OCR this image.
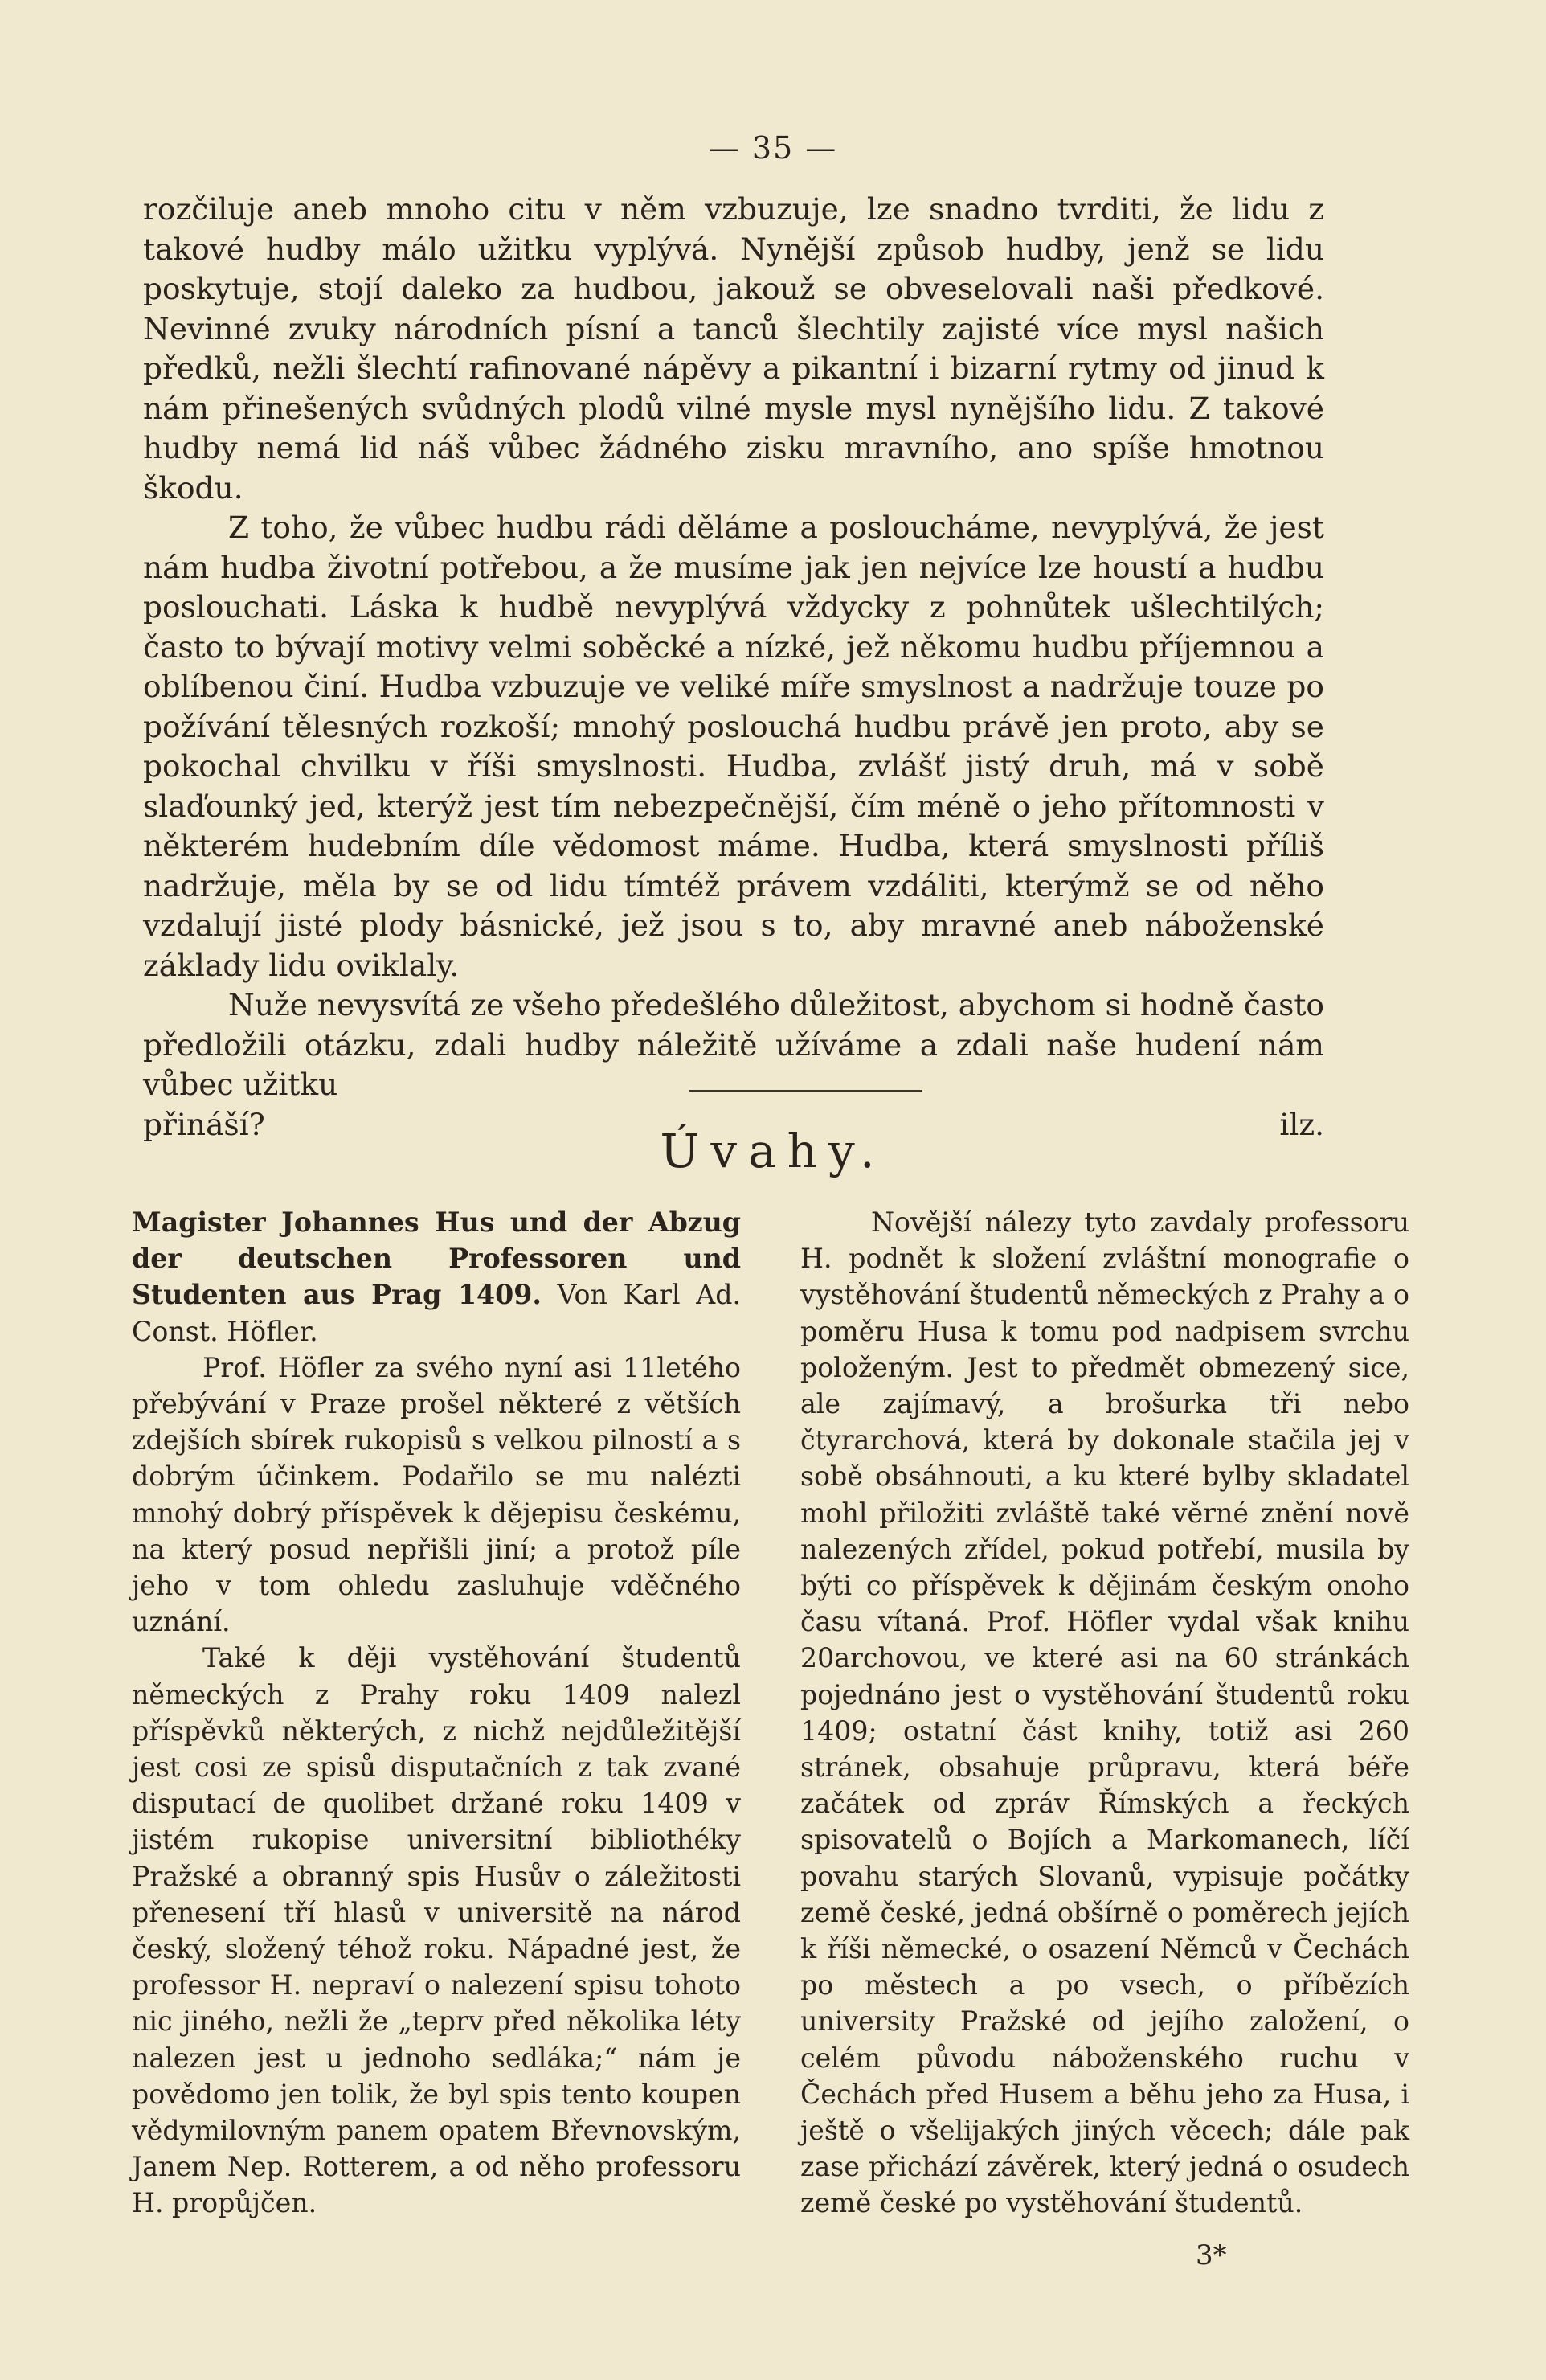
— 35 —

rozčiluje aneb mnoho citu v něm vzbuzuje, lze snadno tvrditi, že lidu z takové hudby málo užitku vyplývá. Nynější způsob hudby, jenž se lidu poskytuje, stojí daleko za hudbou, jakouž se obveselovali naši předkové. Nevinné zvuky národních písní a tanců šlechtily zajisté více mysl našich předků, nežli šlechtí rafinované nápěvy a pikantní i bizarní rytmy od jinud k nám přinešených svůdných plodů vilné mysle mysl nynějšího lidu. Z takové hudby nemá lid náš vůbec žádného zisku mravního, ano spíše hmotnou škodu.

Z toho, že vůbec hudbu rádi děláme a posloucháme, nevyplývá, že jest nám hudba životní potřebou, a že musíme jak jen nejvíce lze houstí a hudbu poslouchati. Láska k hudbě nevyplývá vždycky z pohnůtek ušlechtilých; často to bývají motivy velmi soběcké a nízké, jež někomu hudbu příjemnou a oblíbenou činí. Hudba vzbuzuje ve veliké míře smyslnost a nadržuje touze po požívání tělesných rozkoší; mnohý poslouchá hudbu právě jen proto, aby se pokochal chvilku v říši smyslnosti. Hudba, zvlášť jistý druh, má v sobě slaďounký jed, kterýž jest tím nebezpečnější, čím méně o jeho přítomnosti v některém hudebním díle vědomost máme. Hudba, která smyslnosti příliš nadržuje, měla by se od lidu tímtéž právem vzdáliti, kterýmž se od něho vzdalují jisté plody básnické, jež jsou s to, aby mravné aneb náboženské základy lidu oviklaly.

Nuže nevysvítá ze všeho předešlého důležitost, abychom si hodně často předložili otázku, zdali hudby náležitě užíváme a zdali naše hudení nám vůbec užitku

přináší?	ilz.
Úvahy.

Magister Johannes Hus und der Abzug der deutschen Professoren und Studenten aus Prag 1409. Von Karl Ad. Const. Höfler.

Prof. Höfler za svého nyní asi 11letého přebývání v Praze prošel některé z větších zdejších sbírek rukopisů s velkou pilností a s dobrým účinkem. Podařilo se mu nalézti mnohý dobrý příspěvek k dějepisu českému, na který posud nepřišli jiní; a protož píle jeho v tom ohledu zasluhuje vděčného uznání.

Také k ději vystěhování študentů německých z Prahy roku 1409 nalezl příspěvků některých, z nichž nejdůležitější jest cosi ze spisů disputačních z tak zvané disputací de quolibet držané roku 1409 v jistém rukopise universitní bibliothéky Pražské a obranný spis Husův o záležitosti přenesení tří hlasů v universitě na národ český, složený téhož roku. Nápadné jest, že professor H. nepraví o nalezení spisu tohoto nic jiného, nežli že „teprv před několika léty nalezen jest u jednoho sedláka;“ nám je povědomo jen tolik, že byl spis tento koupen vědymilovným panem opatem Břevnovským, Janem Nep. Rotterem, a od něho professoru H. propůjčen.

Novější nálezy tyto zavdaly professoru H. podnět k složení zvláštní monografie o vystěhování študentů německých z Prahy a o poměru Husa k tomu pod nadpisem svrchu položeným. Jest to předmět obmezený sice, ale zajímavý, a brošurka tři nebo čtyrarchová, která by dokonale stačila jej v sobě obsáhnouti, a ku které bylby skladatel mohl přiložiti zvláště také věrné znění nově nalezených zřídel, pokud potřebí, musila by býti co příspěvek k dějinám českým onoho času vítaná. Prof. Höfler vydal však knihu 20archovou, ve které asi na 60 stránkách pojednáno jest o vystěhování študentů roku 1409; ostatní část knihy, totiž asi 260 stránek, obsahuje průpravu, která béře začátek od zpráv Římských a řeckých spisovatelů o Bojích a Markomanech, líčí povahu starých Slovanů, vypisuje počátky země české, jedná obšírně o poměrech jejích k říši německé, o osazení Němců v Čechách po městech a po vsech, o příbězích university Pražské od jejího založení, o celém původu náboženského ruchu v Čechách před Husem a běhu jeho za Husa, i ještě o všelijakých jiných věcech; dále pak zase přichází závěrek, který jedná o osudech země české po vystěhování študentů.

3*
